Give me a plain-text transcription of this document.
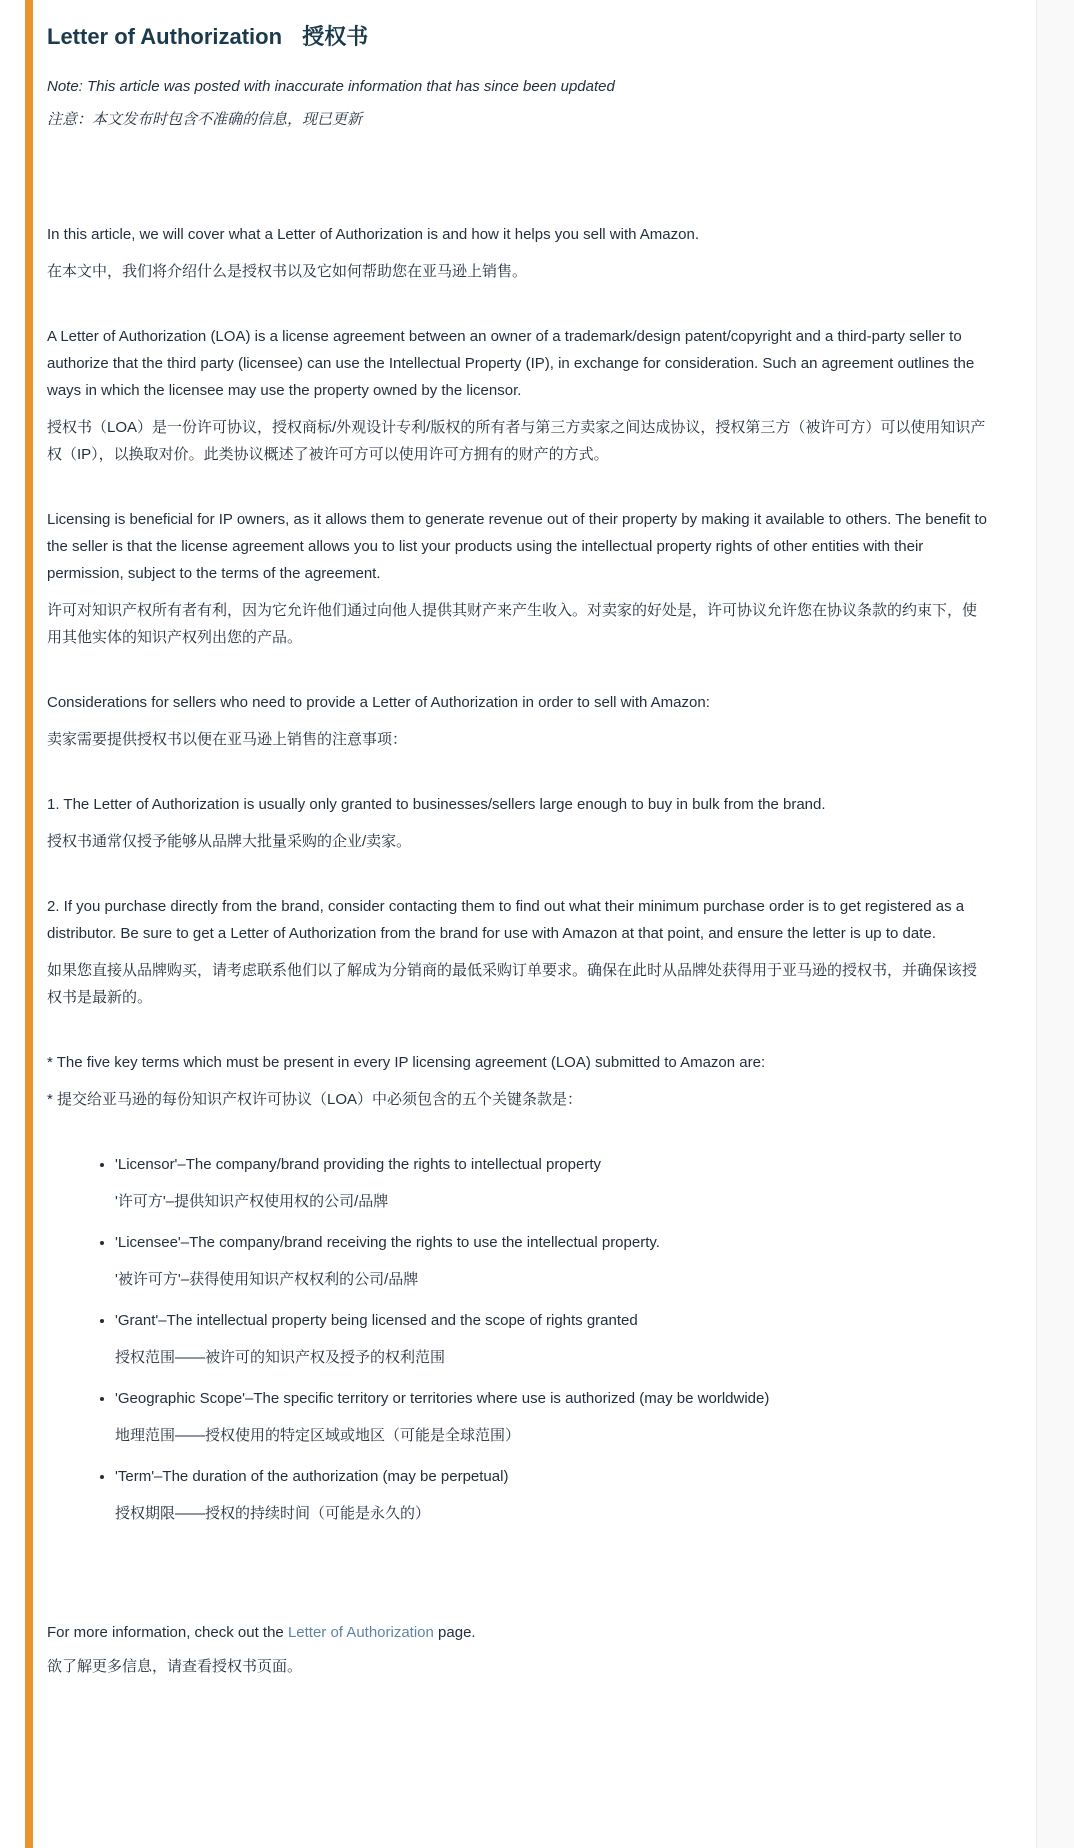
Letter of Authorization 授权书

Note: This article was posted with inaccurate information that has since been updated

注意：本文发布时包含不准确的信息，现已更新

In this article, we will cover what a Letter of Authorization is and how it helps you sell with Amazon.

在本文中，我们将介绍什么是授权书以及它如何帮助您在亚马逊上销售。

A Letter of Authorization (LOA) is a license agreement between an owner of a trademark/design patent/copyright and a third-party seller to authorize that the third party (licensee) can use the Intellectual Property (IP), in exchange for consideration. Such an agreement outlines the ways in which the licensee may use the property owned by the licensor.

授权书（LOA）是一份许可协议，授权商标/外观设计专利/版权的所有者与第三方卖家之间达成协议，授权第三方（被许可方）可以使用知识产权（IP），以换取对价。此类协议概述了被许可方可以使用许可方拥有的财产的方式。

Licensing is beneficial for IP owners, as it allows them to generate revenue out of their property by making it available to others. The benefit to the seller is that the license agreement allows you to list your products using the intellectual property rights of other entities with their permission, subject to the terms of the agreement.

许可对知识产权所有者有利，因为它允许他们通过向他人提供其财产来产生收入。对卖家的好处是，许可协议允许您在协议条款的约束下，使用其他实体的知识产权列出您的产品。

Considerations for sellers who need to provide a Letter of Authorization in order to sell with Amazon:

卖家需要提供授权书以便在亚马逊上销售的注意事项：

1. The Letter of Authorization is usually only granted to businesses/sellers large enough to buy in bulk from the brand.

授权书通常仅授予能够从品牌大批量采购的企业/卖家。

2. If you purchase directly from the brand, consider contacting them to find out what their minimum purchase order is to get registered as a distributor. Be sure to get a Letter of Authorization from the brand for use with Amazon at that point, and ensure the letter is up to date.

如果您直接从品牌购买，请考虑联系他们以了解成为分销商的最低采购订单要求。确保在此时从品牌处获得用于亚马逊的授权书，并确保该授权书是最新的。

* The five key terms which must be present in every IP licensing agreement (LOA) submitted to Amazon are:

* 提交给亚马逊的每份知识产权许可协议（LOA）中必须包含的五个关键条款是：

• 'Licensor'–The company/brand providing the rights to intellectual property

'许可方'–提供知识产权使用权的公司/品牌

• 'Licensee'–The company/brand receiving the rights to use the intellectual property.

'被许可方'–获得使用知识产权权利的公司/品牌

• 'Grant'–The intellectual property being licensed and the scope of rights granted

授权范围——被许可的知识产权及授予的权利范围

• 'Geographic Scope'–The specific territory or territories where use is authorized (may be worldwide)

地理范围——授权使用的特定区域或地区（可能是全球范围）

• 'Term'–The duration of the authorization (may be perpetual)

授权期限——授权的持续时间（可能是永久的）

For more information, check out the Letter of Authorization page.

欲了解更多信息，请查看授权书页面。
